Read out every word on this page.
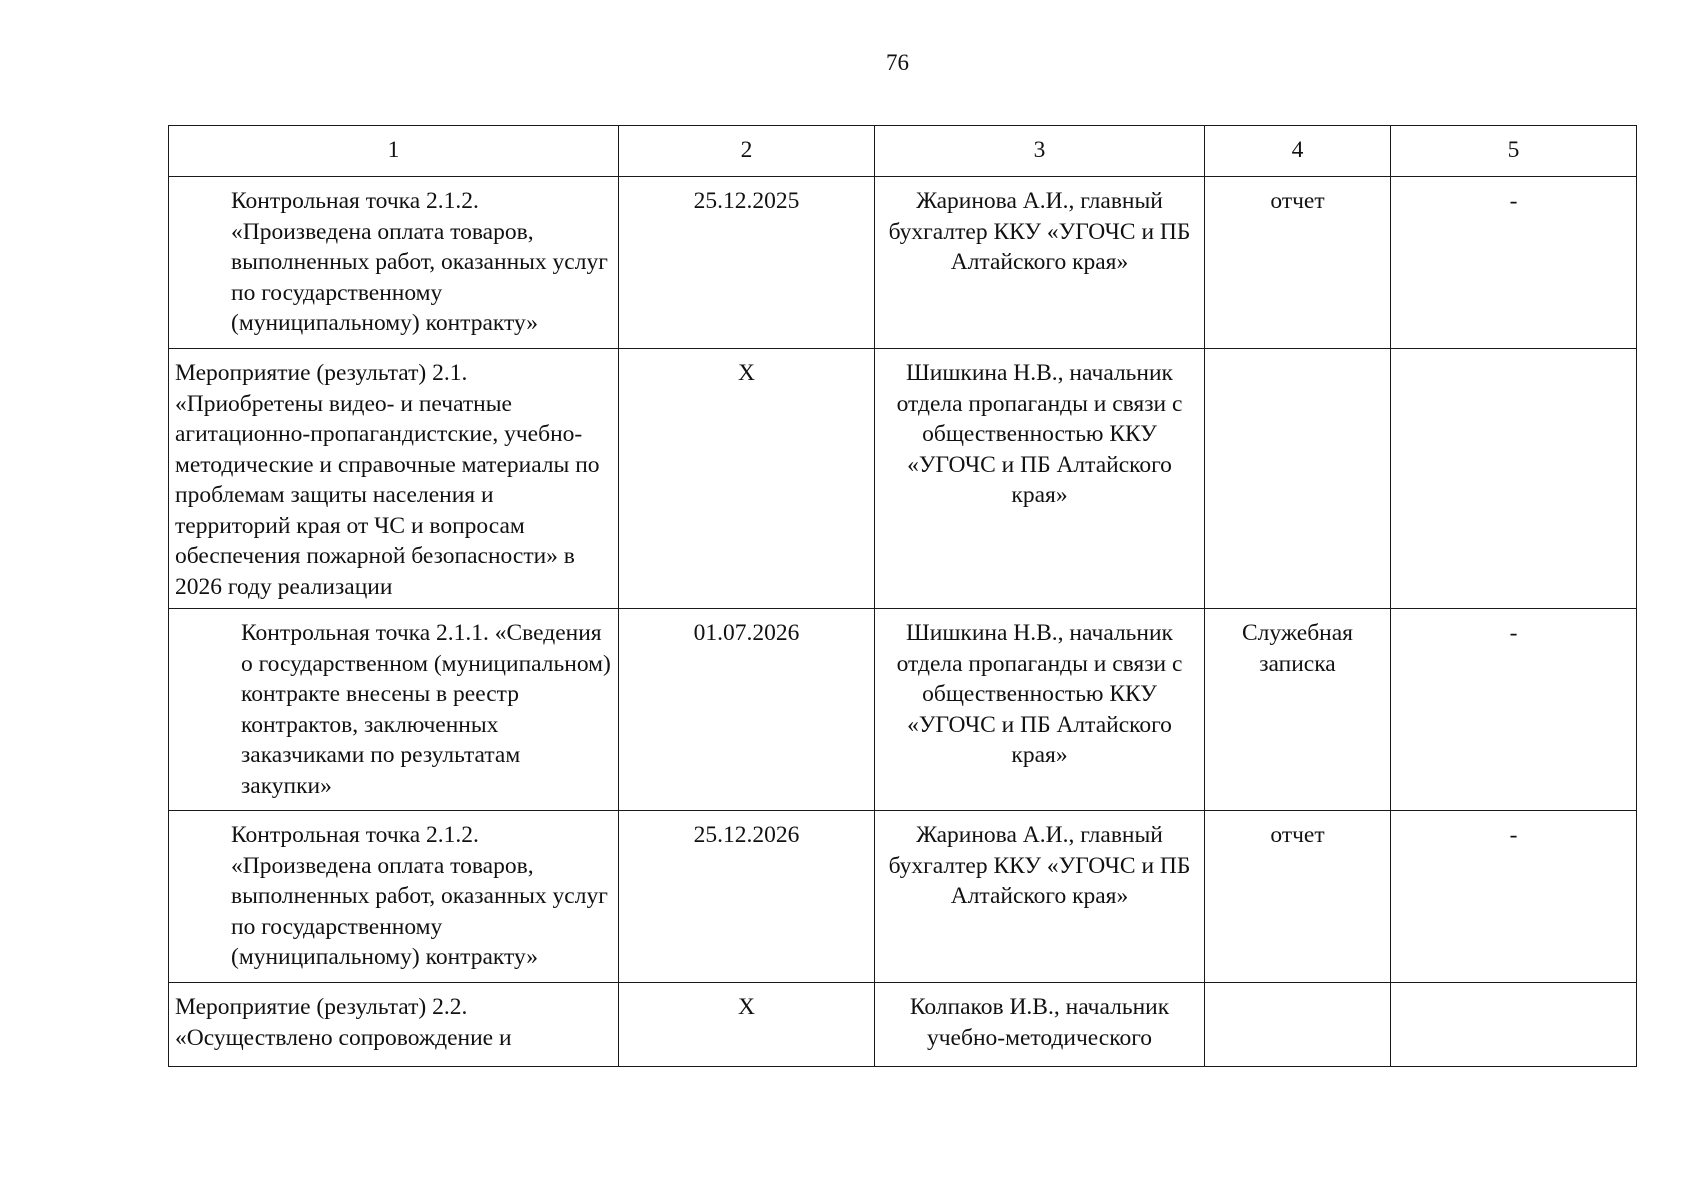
76
1	2	3	4	5
Контрольная точка 2.1.2. «Произведена оплата товаров, выполненных работ, оказанных услуг по государственному (муниципальному) контракту»	25.12.2025	Жаринова А.И., главный бухгалтер ККУ «УГОЧС и ПБ Алтайского края»	отчет	-
Мероприятие (результат) 2.1. «Приобретены видео- и печатные агитационно-пропагандистские, учебно-методические и справочные материалы по проблемам защиты населения и территорий края от ЧС и вопросам обеспечения пожарной безопасности» в 2026 году реализации	Х	Шишкина Н.В., начальник отдела пропаганды и связи с общественностью ККУ «УГОЧС и ПБ Алтайского края»		
Контрольная точка 2.1.1. «Сведения о государственном (муниципальном) контракте внесены в реестр контрактов, заключенных заказчиками по результатам закупки»	01.07.2026	Шишкина Н.В., начальник отдела пропаганды и связи с общественностью ККУ «УГОЧС и ПБ Алтайского края»	Служебная записка	-
Контрольная точка 2.1.2. «Произведена оплата товаров, выполненных работ, оказанных услуг по государственному (муниципальному) контракту»	25.12.2026	Жаринова А.И., главный бухгалтер ККУ «УГОЧС и ПБ Алтайского края»	отчет	-
Мероприятие (результат) 2.2. «Осуществлено сопровождение и	Х	Колпаков И.В., начальник учебно-методического		
